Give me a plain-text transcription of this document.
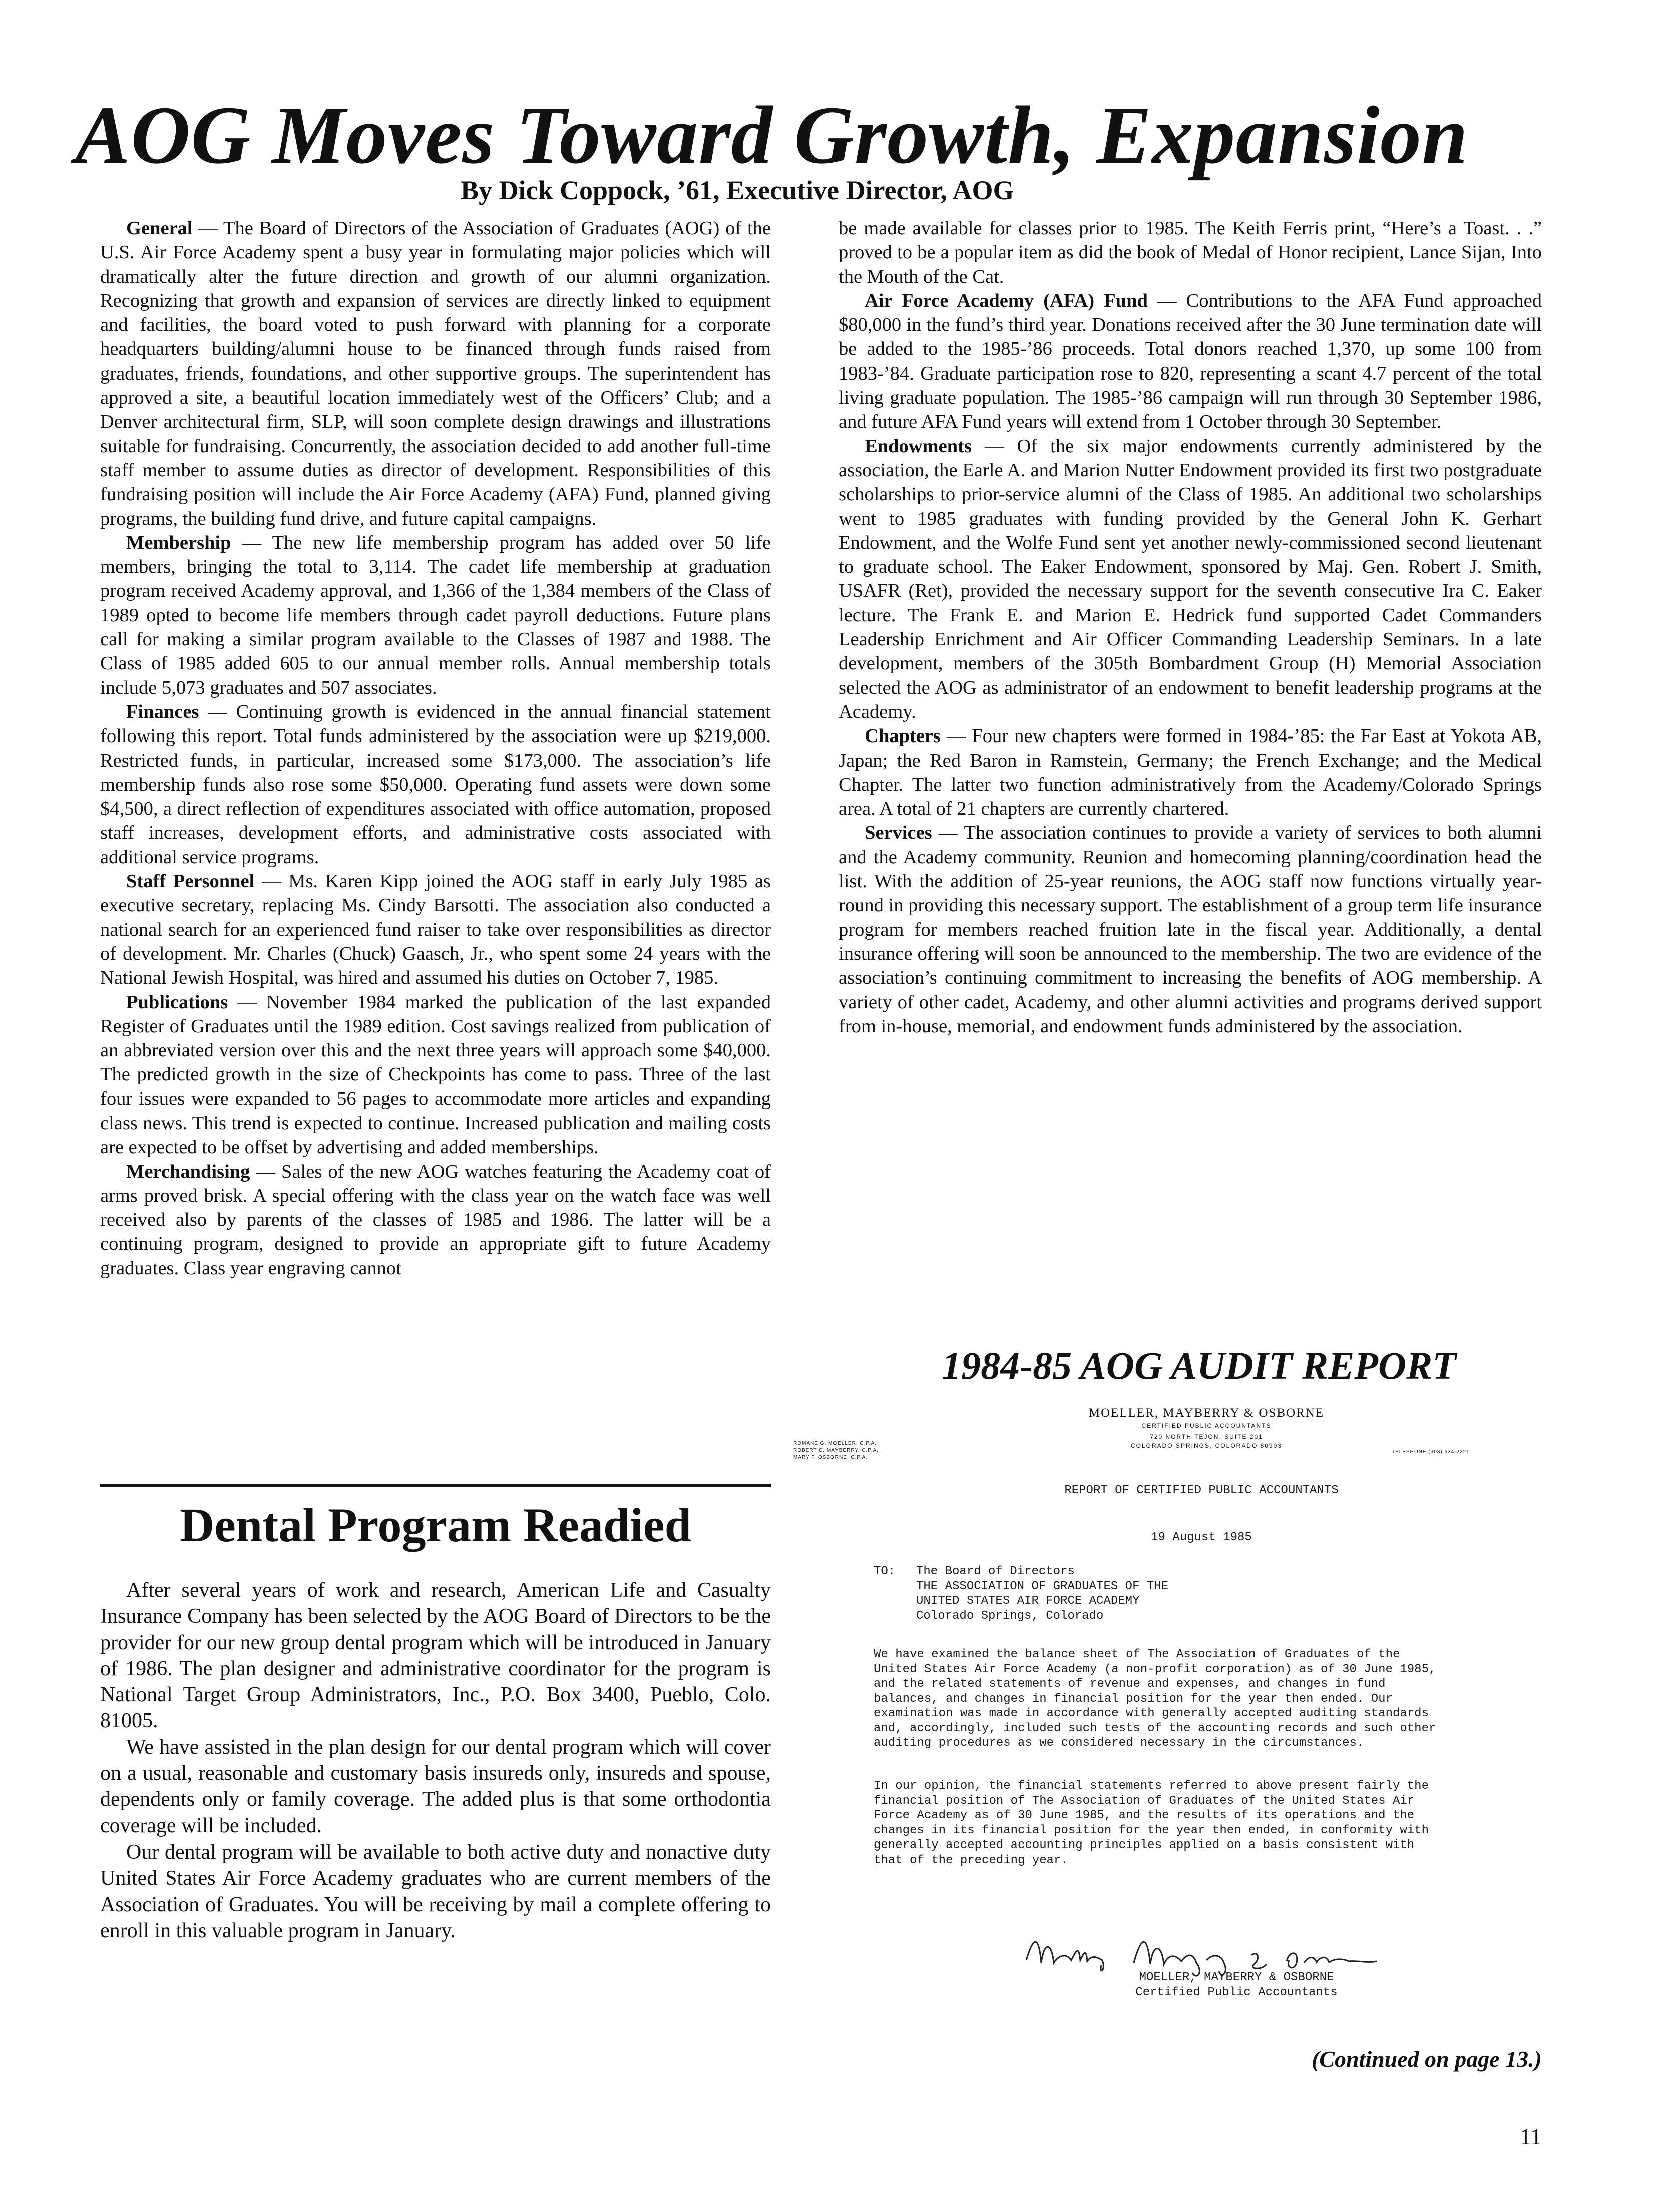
AOG Moves Toward Growth, Expansion
By Dick Coppock, ’61, Executive Director, AOG

General — The Board of Directors of the Association of Graduates (AOG) of the U.S. Air Force Academy spent a busy year in formulating major policies which will dramatically alter the future direction and growth of our alumni organization. Recognizing that growth and expansion of services are directly linked to equipment and facilities, the board voted to push forward with planning for a corporate headquarters building/alumni house to be financed through funds raised from graduates, friends, foundations, and other supportive groups. The superintendent has approved a site, a beautiful location immediately west of the Officers’ Club; and a Denver architectural firm, SLP, will soon complete design drawings and illustrations suitable for fundraising. Concurrently, the association decided to add another full-time staff member to assume duties as director of development. Responsibilities of this fundraising position will include the Air Force Academy (AFA) Fund, planned giving programs, the building fund drive, and future capital campaigns.

Membership — The new life membership program has added over 50 life members, bringing the total to 3,114. The cadet life membership at graduation program received Academy approval, and 1,366 of the 1,384 members of the Class of 1989 opted to become life members through cadet payroll deductions. Future plans call for making a similar program available to the Classes of 1987 and 1988. The Class of 1985 added 605 to our annual member rolls. Annual membership totals include 5,073 graduates and 507 associates.

Finances — Continuing growth is evidenced in the annual financial statement following this report. Total funds administered by the association were up $219,000. Restricted funds, in particular, increased some $173,000. The association’s life membership funds also rose some $50,000. Operating fund assets were down some $4,500, a direct reflection of expenditures associated with office automation, proposed staff increases, development efforts, and administrative costs associated with additional service programs.

Staff Personnel — Ms. Karen Kipp joined the AOG staff in early July 1985 as executive secretary, replacing Ms. Cindy Barsotti. The association also conducted a national search for an experienced fund raiser to take over responsibilities as director of development. Mr. Charles (Chuck) Gaasch, Jr., who spent some 24 years with the National Jewish Hospital, was hired and assumed his duties on October 7, 1985.

Publications — November 1984 marked the publication of the last expanded Register of Graduates until the 1989 edition. Cost savings realized from publication of an abbreviated version over this and the next three years will approach some $40,000. The predicted growth in the size of Checkpoints has come to pass. Three of the last four issues were expanded to 56 pages to accommodate more articles and expanding class news. This trend is expected to continue. Increased publication and mailing costs are expected to be offset by advertising and added memberships.

Merchandising — Sales of the new AOG watches featuring the Academy coat of arms proved brisk. A special offering with the class year on the watch face was well received also by parents of the classes of 1985 and 1986. The latter will be a continuing program, designed to provide an appropriate gift to future Academy graduates. Class year engraving cannot

be made available for classes prior to 1985. The Keith Ferris print, “Here’s a Toast. . .” proved to be a popular item as did the book of Medal of Honor recipient, Lance Sijan, Into the Mouth of the Cat.

Air Force Academy (AFA) Fund — Contributions to the AFA Fund approached $80,000 in the fund’s third year. Donations received after the 30 June termination date will be added to the 1985-’86 proceeds. Total donors reached 1,370, up some 100 from 1983-’84. Graduate participation rose to 820, representing a scant 4.7 percent of the total living graduate population. The 1985-’86 campaign will run through 30 September 1986, and future AFA Fund years will extend from 1 October through 30 September.

Endowments — Of the six major endowments currently administered by the association, the Earle A. and Marion Nutter Endowment provided its first two postgraduate scholarships to prior-service alumni of the Class of 1985. An additional two scholarships went to 1985 graduates with funding provided by the General John K. Gerhart Endowment, and the Wolfe Fund sent yet another newly-commissioned second lieutenant to graduate school. The Eaker Endowment, sponsored by Maj. Gen. Robert J. Smith, USAFR (Ret), provided the necessary support for the seventh consecutive Ira C. Eaker lecture. The Frank E. and Marion E. Hedrick fund supported Cadet Commanders Leadership Enrichment and Air Officer Commanding Leadership Seminars. In a late development, members of the 305th Bombardment Group (H) Memorial Association selected the AOG as administrator of an endowment to benefit leadership programs at the Academy.

Chapters — Four new chapters were formed in 1984-’85: the Far East at Yokota AB, Japan; the Red Baron in Ramstein, Germany; the French Exchange; and the Medical Chapter. The latter two function administratively from the Academy/Colorado Springs area. A total of 21 chapters are currently chartered.

Services — The association continues to provide a variety of services to both alumni and the Academy community. Reunion and homecoming planning/coordination head the list. With the addition of 25-year reunions, the AOG staff now functions virtually year-round in providing this necessary support. The establishment of a group term life insurance program for members reached fruition late in the fiscal year. Additionally, a dental insurance offering will soon be announced to the membership. The two are evidence of the association’s continuing commitment to increasing the benefits of AOG membership. A variety of other cadet, Academy, and other alumni activities and programs derived support from in-house, memorial, and endowment funds administered by the association.

Dental Program Readied

After several years of work and research, American Life and Casualty Insurance Company has been selected by the AOG Board of Directors to be the provider for our new group dental program which will be introduced in January of 1986. The plan designer and administrative coordinator for the program is National Target Group Administrators, Inc., P.O. Box 3400, Pueblo, Colo. 81005.

We have assisted in the plan design for our dental program which will cover on a usual, reasonable and customary basis insureds only, insureds and spouse, dependents only or family coverage. The added plus is that some orthodontia coverage will be included.

Our dental program will be available to both active duty and nonactive duty United States Air Force Academy graduates who are current members of the Association of Graduates. You will be receiving by mail a complete offering to enroll in this valuable program in January.

1984-85 AOG AUDIT REPORT
MOELLER, MAYBERRY & OSBORNE
CERTIFIED PUBLIC ACCOUNTANTS
720 NORTH TEJON, SUITE 201
COLORADO SPRINGS, COLORADO 80903
ROMANE G. MOELLER, C.P.A.
ROBERT C. MAYBERRY, C.P.A.
MARY F. OSBORNE, C.P.A.
TELEPHONE (303) 634-2321
REPORT OF CERTIFIED PUBLIC ACCOUNTANTS
19 August 1985
TO:	The Board of Directors
THE ASSOCIATION OF GRADUATES OF THE
UNITED STATES AIR FORCE ACADEMY
Colorado Springs, Colorado
We have examined the balance sheet of The Association of Graduates of the
United States Air Force Academy (a non-profit corporation) as of 30 June 1985,
and the related statements of revenue and expenses, and changes in fund
balances, and changes in financial position for the year then ended. Our
examination was made in accordance with generally accepted auditing standards
and, accordingly, included such tests of the accounting records and such other
auditing procedures as we considered necessary in the circumstances.
In our opinion, the financial statements referred to above present fairly the
financial position of The Association of Graduates of the United States Air
Force Academy as of 30 June 1985, and the results of its operations and the
changes in its financial position for the year then ended, in conformity with
generally accepted accounting principles applied on a basis consistent with
that of the preceding year.
MOELLER, MAYBERRY & OSBORNE
Certified Public Accountants
(Continued on page 13.)
11
